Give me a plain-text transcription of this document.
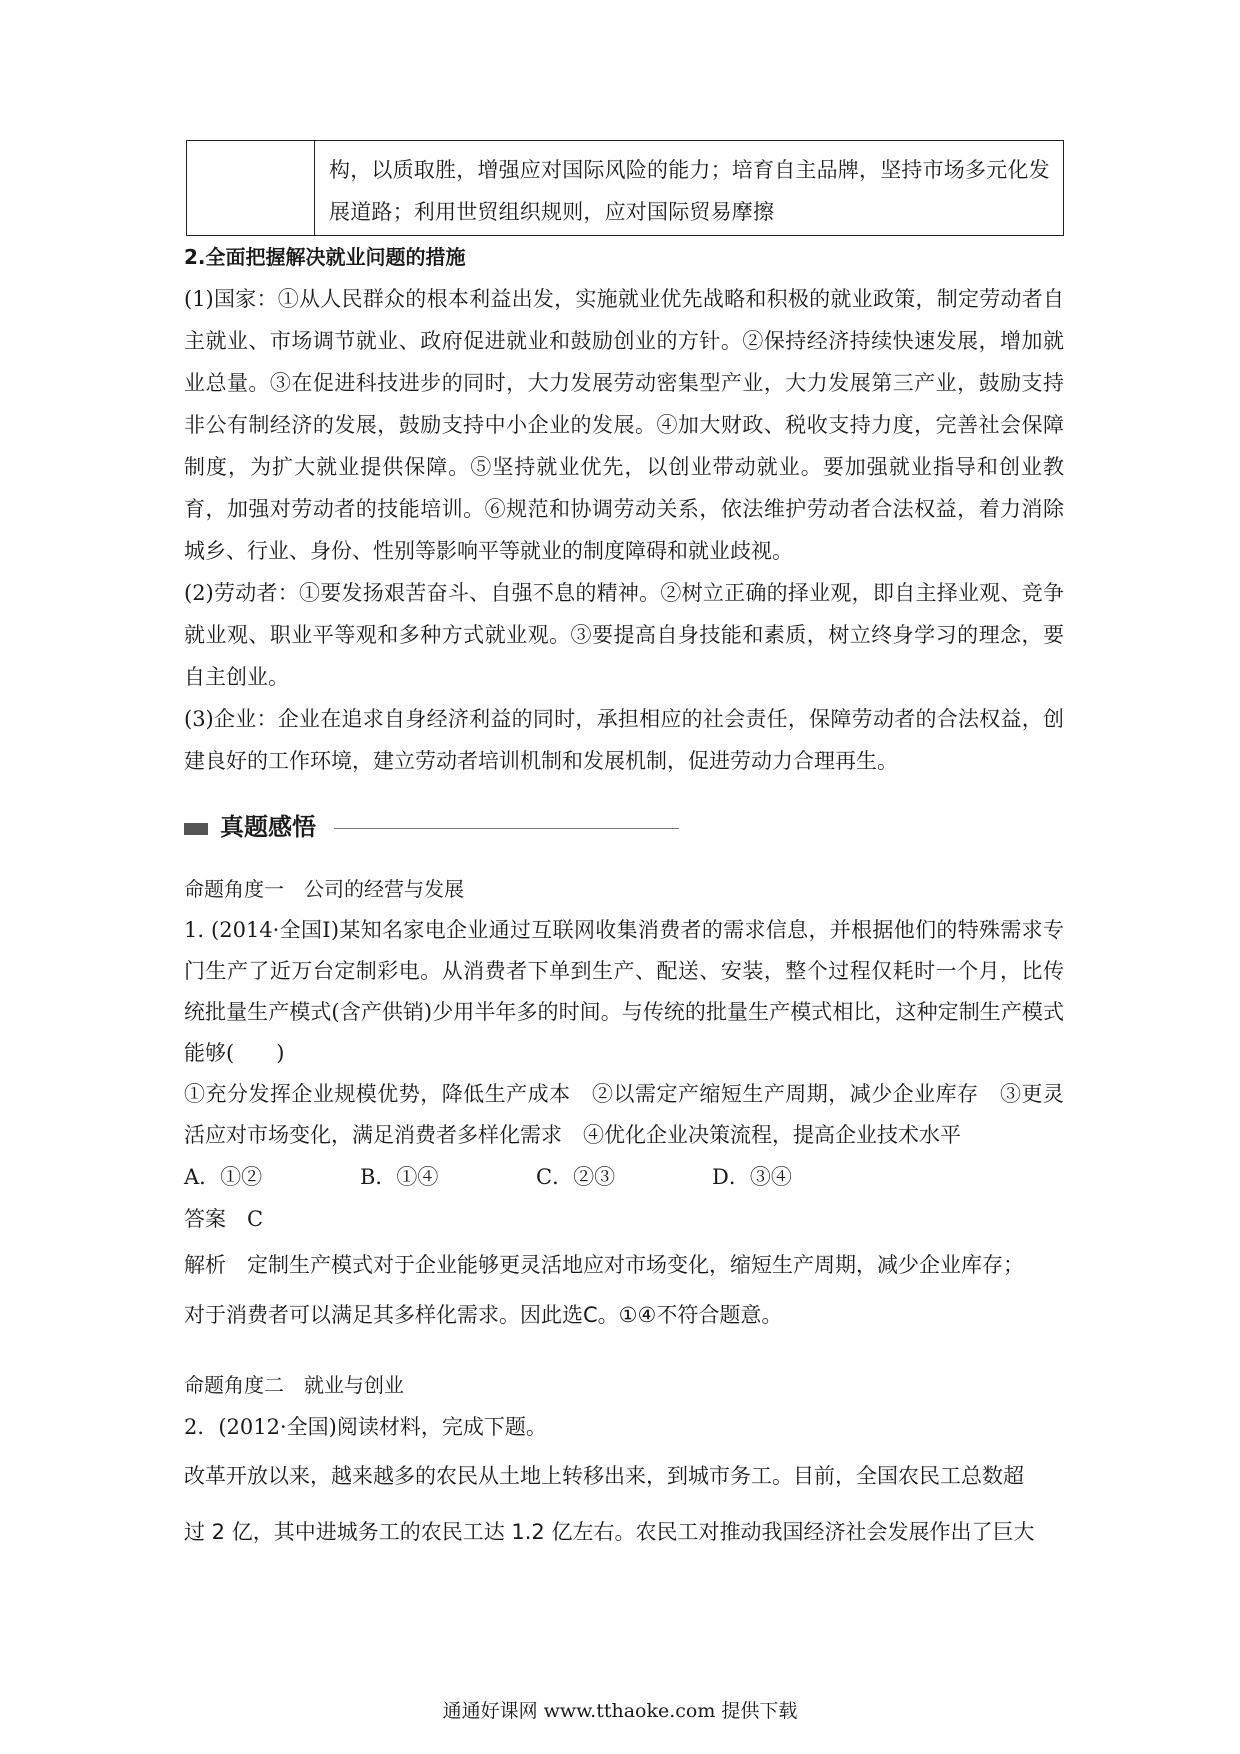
构，以质取胜，增强应对国际风险的能力；培育自主品牌，坚持市场多元化发展道路；利用世贸组织规则，应对国际贸易摩擦

2.全面把握解决就业问题的措施

(1)国家：①从人民群众的根本利益出发，实施就业优先战略和积极的就业政策，制定劳动者自主就业、市场调节就业、政府促进就业和鼓励创业的方针。②保持经济持续快速发展，增加就业总量。③在促进科技进步的同时，大力发展劳动密集型产业，大力发展第三产业，鼓励支持非公有制经济的发展，鼓励支持中小企业的发展。④加大财政、税收支持力度，完善社会保障制度，为扩大就业提供保障。⑤坚持就业优先，以创业带动就业。要加强就业指导和创业教育，加强对劳动者的技能培训。⑥规范和协调劳动关系，依法维护劳动者合法权益，着力消除城乡、行业、身份、性别等影响平等就业的制度障碍和就业歧视。

(2)劳动者：①要发扬艰苦奋斗、自强不息的精神。②树立正确的择业观，即自主择业观、竞争就业观、职业平等观和多种方式就业观。③要提高自身技能和素质，树立终身学习的理念，要自主创业。

(3)企业：企业在追求自身经济利益的同时，承担相应的社会责任，保障劳动者的合法权益，创建良好的工作环境，建立劳动者培训机制和发展机制，促进劳动力合理再生。

真题感悟

命题角度一　公司的经营与发展

1. (2014·全国Ⅰ)某知名家电企业通过互联网收集消费者的需求信息，并根据他们的特殊需求专门生产了近万台定制彩电。从消费者下单到生产、配送、安装，整个过程仅耗时一个月，比传统批量生产模式(含产供销)少用半年多的时间。与传统的批量生产模式相比，这种定制生产模式能够(　　)

①充分发挥企业规模优势，降低生产成本　②以需定产缩短生产周期，减少企业库存　③更灵活应对市场变化，满足消费者多样化需求　④优化企业决策流程，提高企业技术水平

A．①②	B．①④	C．②③	D．③④

答案　 C

解析　 定制生产模式对于企业能够更灵活地应对市场变化，缩短生产周期，减少企业库存；

对于消费者可以满足其多样化需求。因此选C。①④不符合题意。

命题角度二　就业与创业

2．(2012·全国)阅读材料，完成下题。

改革开放以来，越来越多的农民从土地上转移出来，到城市务工。目前，全国农民工总数超

过 2 亿，其中进城务工的农民工达 1.2 亿左右。农民工对推动我国经济社会发展作出了巨大

通通好课网 www.tthaoke.com 提供下载
